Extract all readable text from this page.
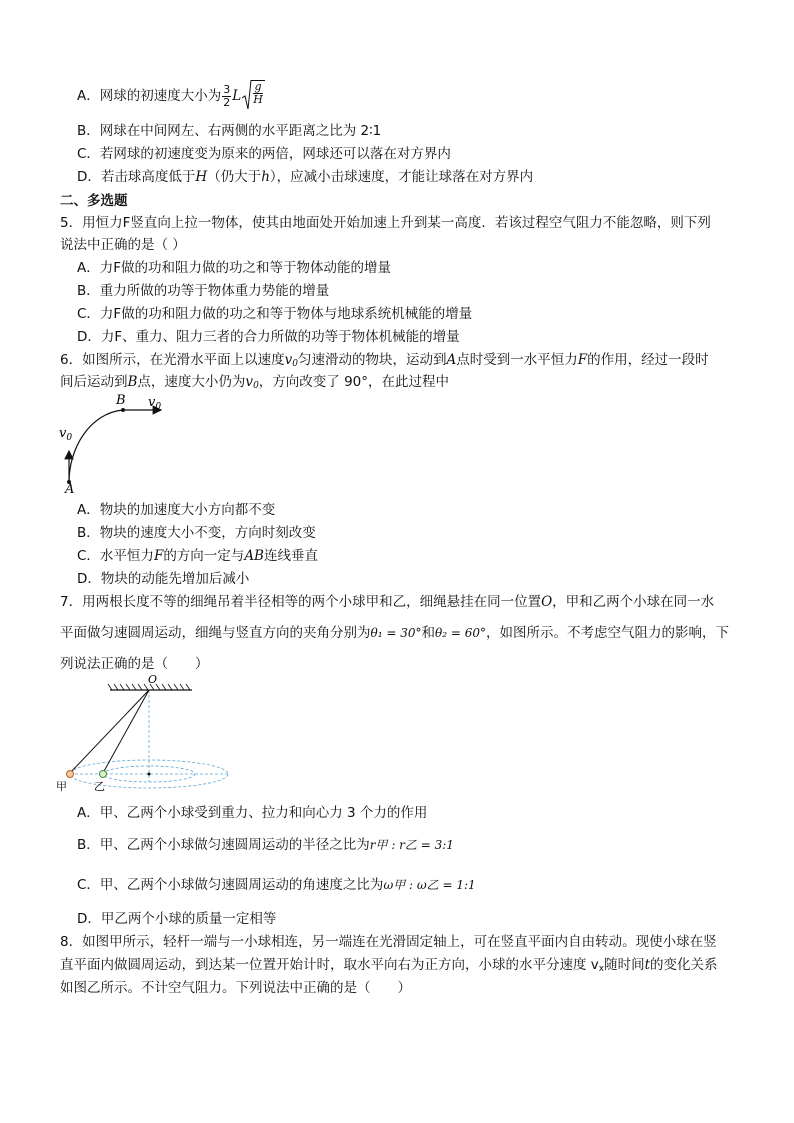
A．网球的初速度大小为 $\frac{3}{2}$ L $\frac{g}{H}$
B．网球在中间网左、右两侧的水平距离之比为 2∶1
C．若网球的初速度变为原来的两倍，网球还可以落在对方界内
D．若击球高度低于H（仍大于h），应减小击球速度，才能让球落在对方界内
二、多选题
5．用恒力F竖直向上拉一物体，使其由地面处开始加速上升到某一高度．若该过程空气阻力不能忽略，则下列
说法中正确的是（ ）
A．力F做的功和阻力做的功之和等于物体动能的增量
B．重力所做的功等于物体重力势能的增量
C．力F做的功和阻力做的功之和等于物体与地球系统机械能的增量
D．力F、重力、阻力三者的合力所做的功等于物体机械能的增量
6．如图所示，在光滑水平面上以速度$v_0$匀速滑动的物块，运动到A点时受到一水平恒力F的作用，经过一段时
间后运动到B点，速度大小仍为$v_0$，方向改变了 90°，在此过程中
$v_0$
A
B $v_0$
A．物块的加速度大小方向都不变
B．物块的速度大小不变，方向时刻改变
C．水平恒力F的方向一定与AB连线垂直
D．物块的动能先增加后减小
7．用两根长度不等的细绳吊着半径相等的两个小球甲和乙，细绳悬挂在同一位置O，甲和乙两个小球在同一水
平面做匀速圆周运动，细绳与竖直方向的夹角分别为θ₁ = 30°和θ₂ = 60°，如图所示。不考虑空气阻力的影响，下
列说法正确的是（　　）
O
甲 乙
A．甲、乙两个小球受到重力、拉力和向心力 3 个力的作用
B．甲、乙两个小球做匀速圆周运动的半径之比为r甲 : r乙 = 3:1
C．甲、乙两个小球做匀速圆周运动的角速度之比为ω甲 : ω乙 = 1:1
D．甲乙两个小球的质量一定相等
8．如图甲所示，轻杆一端与一小球相连，另一端连在光滑固定轴上，可在竖直平面内自由转动。现使小球在竖
直平面内做圆周运动，到达某一位置开始计时，取水平向右为正方向，小球的水平分速度 $v_x$随时间t的变化关系
如图乙所示。不计空气阻力。下列说法中正确的是（　　）
